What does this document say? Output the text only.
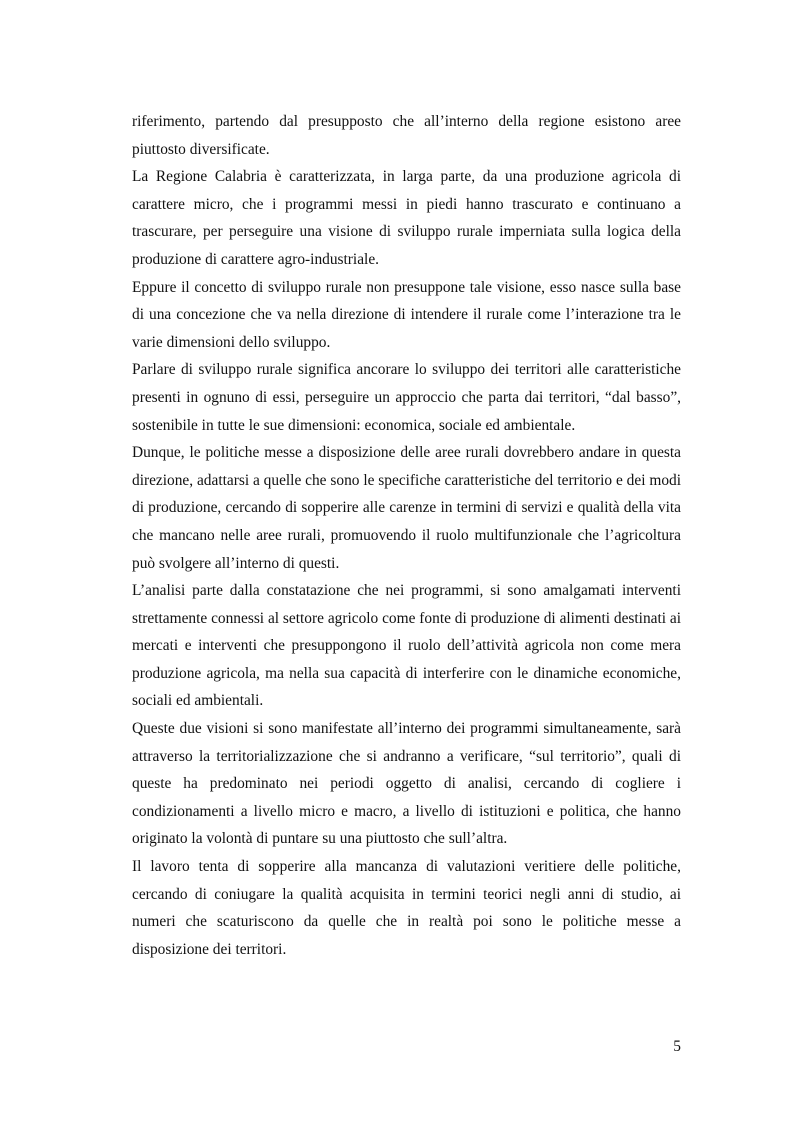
riferimento, partendo dal presupposto che all’interno della regione esistono aree piuttosto diversificate.

La Regione Calabria è caratterizzata, in larga parte, da una produzione agricola di carattere micro, che i programmi messi in piedi hanno trascurato e continuano a trascurare, per perseguire una visione di sviluppo rurale imperniata sulla logica della produzione di carattere agro-industriale.

Eppure il concetto di sviluppo rurale non presuppone tale visione, esso nasce sulla base di una concezione che va nella direzione di intendere il rurale come l’interazione tra le varie dimensioni dello sviluppo.

Parlare di sviluppo rurale significa ancorare lo sviluppo dei territori alle caratteristiche presenti in ognuno di essi, perseguire un approccio che parta dai territori, “dal basso”, sostenibile in tutte le sue dimensioni: economica, sociale ed ambientale.

Dunque, le politiche messe a disposizione delle aree rurali dovrebbero andare in questa direzione, adattarsi a quelle che sono le specifiche caratteristiche del territorio e dei modi di produzione, cercando di sopperire alle carenze in termini di servizi e qualità della vita che mancano nelle aree rurali, promuovendo il ruolo multifunzionale che l’agricoltura può svolgere all’interno di questi.

L’analisi parte dalla constatazione che nei programmi, si sono amalgamati interventi strettamente connessi al settore agricolo come fonte di produzione di alimenti destinati ai mercati e interventi che presuppongono il ruolo dell’attività agricola non come mera produzione agricola, ma nella sua capacità di interferire con le dinamiche economiche, sociali ed ambientali.

Queste due visioni si sono manifestate all’interno dei programmi simultaneamente, sarà attraverso la territorializzazione che si andranno a verificare, “sul territorio”, quali di queste ha predominato nei periodi oggetto di analisi, cercando di cogliere i condizionamenti a livello micro e macro, a livello di istituzioni e politica, che hanno originato la volontà di puntare su una piuttosto che sull’altra.

Il lavoro tenta di sopperire alla mancanza di valutazioni veritiere delle politiche, cercando di coniugare la qualità acquisita in termini teorici negli anni di studio, ai numeri che scaturiscono da quelle che in realtà poi sono le politiche messe a disposizione dei territori.

5
